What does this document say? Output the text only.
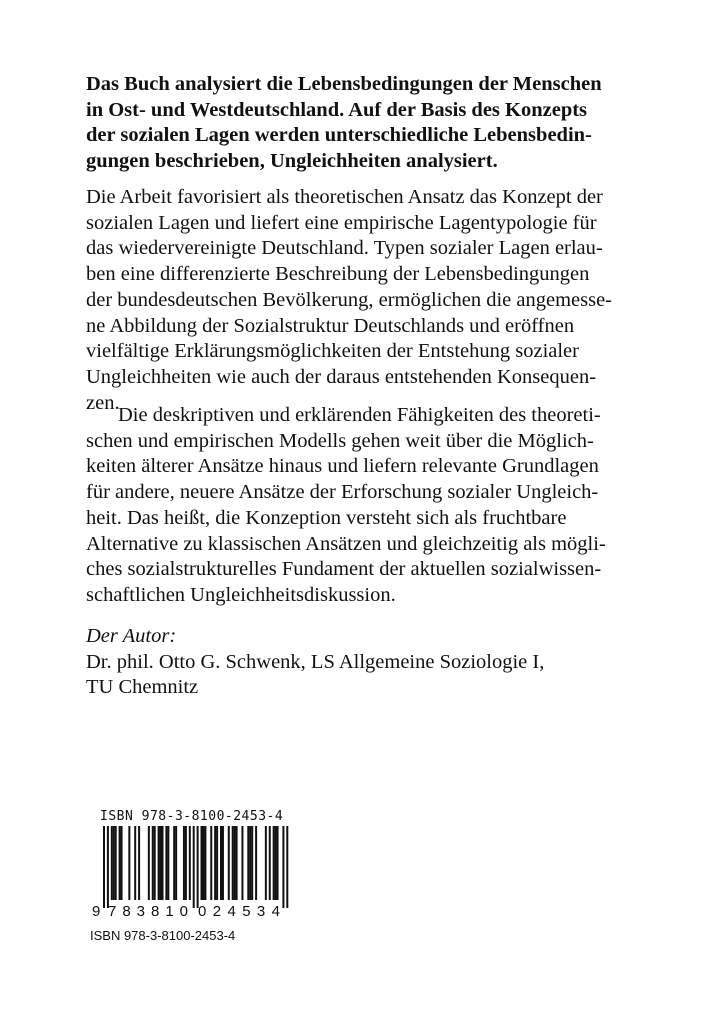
Das Buch analysiert die Lebensbedingungen der Menschen
in Ost- und Westdeutschland. Auf der Basis des Konzepts
der sozialen Lagen werden unterschiedliche Lebensbedin-
gungen beschrieben, Ungleichheiten analysiert.

Die Arbeit favorisiert als theoretischen Ansatz das Konzept der
sozialen Lagen und liefert eine empirische Lagentypologie für
das wiedervereinigte Deutschland. Typen sozialer Lagen erlau-
ben eine differenzierte Beschreibung der Lebensbedingungen
der bundesdeutschen Bevölkerung, ermöglichen die angemesse-
ne Abbildung der Sozialstruktur Deutschlands und eröffnen
vielfältige Erklärungsmöglichkeiten der Entstehung sozialer
Ungleichheiten wie auch der daraus entstehenden Konsequen-
zen.

Die deskriptiven und erklärenden Fähigkeiten des theoreti-
schen und empirischen Modells gehen weit über die Möglich-
keiten älterer Ansätze hinaus und liefern relevante Grundlagen
für andere, neuere Ansätze der Erforschung sozialer Ungleich-
heit. Das heißt, die Konzeption versteht sich als fruchtbare
Alternative zu klassischen Ansätzen und gleichzeitig als mögli-
ches sozialstrukturelles Fundament der aktuellen sozialwissen-
schaftlichen Ungleichheitsdiskussion.

Der Autor:
Dr. phil. Otto G. Schwenk, LS Allgemeine Soziologie I,
TU Chemnitz
ISBN 978-3-8100-2453-4
9 783810 024534
ISBN 978-3-8100-2453-4
